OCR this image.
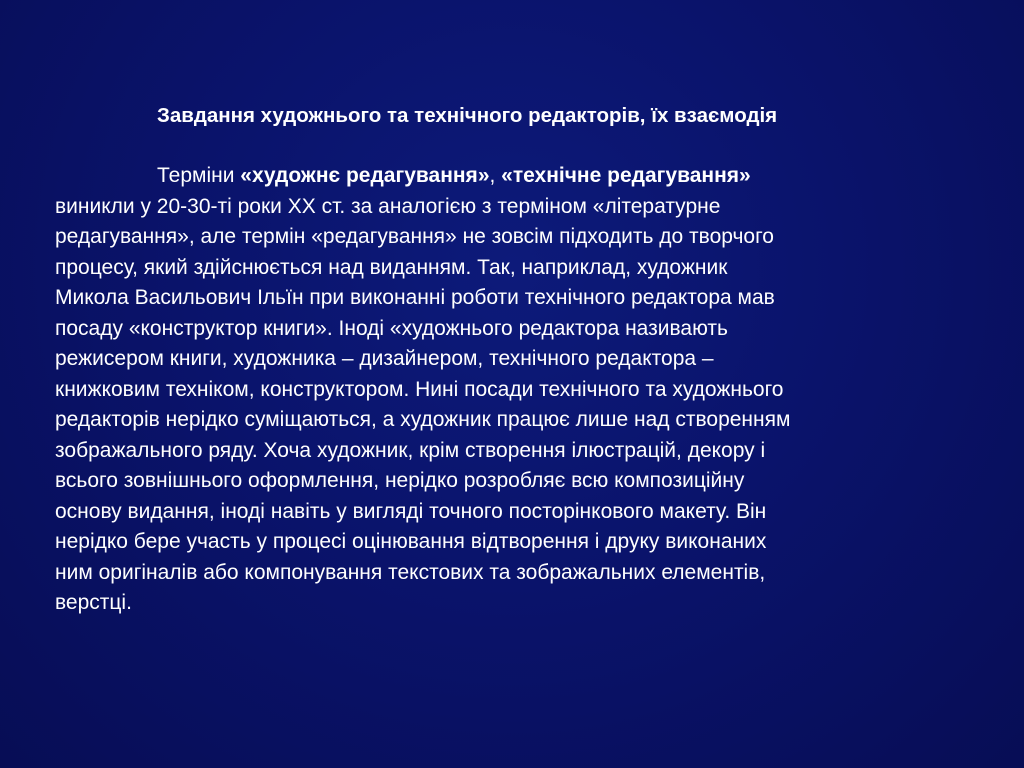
Завдання художнього та технічного редакторів, їх взаємодія
Терміни «художнє редагування», «технічне редагування»
виникли у 20-30-ті роки XX ст. за аналогією з терміном «літературне
редагування», але термін «редагування» не зовсім підходить до творчого
процесу, який здійснюється над виданням. Так, наприклад, художник
Микола Васильович Ільїн при виконанні роботи технічного редактора мав
посаду «конструктор книги». Іноді «художнього редактора називають
режисером книги, художника – дизайнером, технічного редактора –
книжковим техніком, конструктором. Нині посади технічного та художнього
редакторів нерідко суміщаються, а художник працює лише над створенням
зображального ряду. Хоча художник, крім створення ілюстрацій, декору і
всього зовнішнього оформлення, нерідко розробляє всю композиційну
основу видання, іноді навіть у вигляді точного посторінкового макету. Він
нерідко бере участь у процесі оцінювання відтворення і друку виконаних
ним оригіналів або компонування текстових та зображальних елементів,
верстці.
